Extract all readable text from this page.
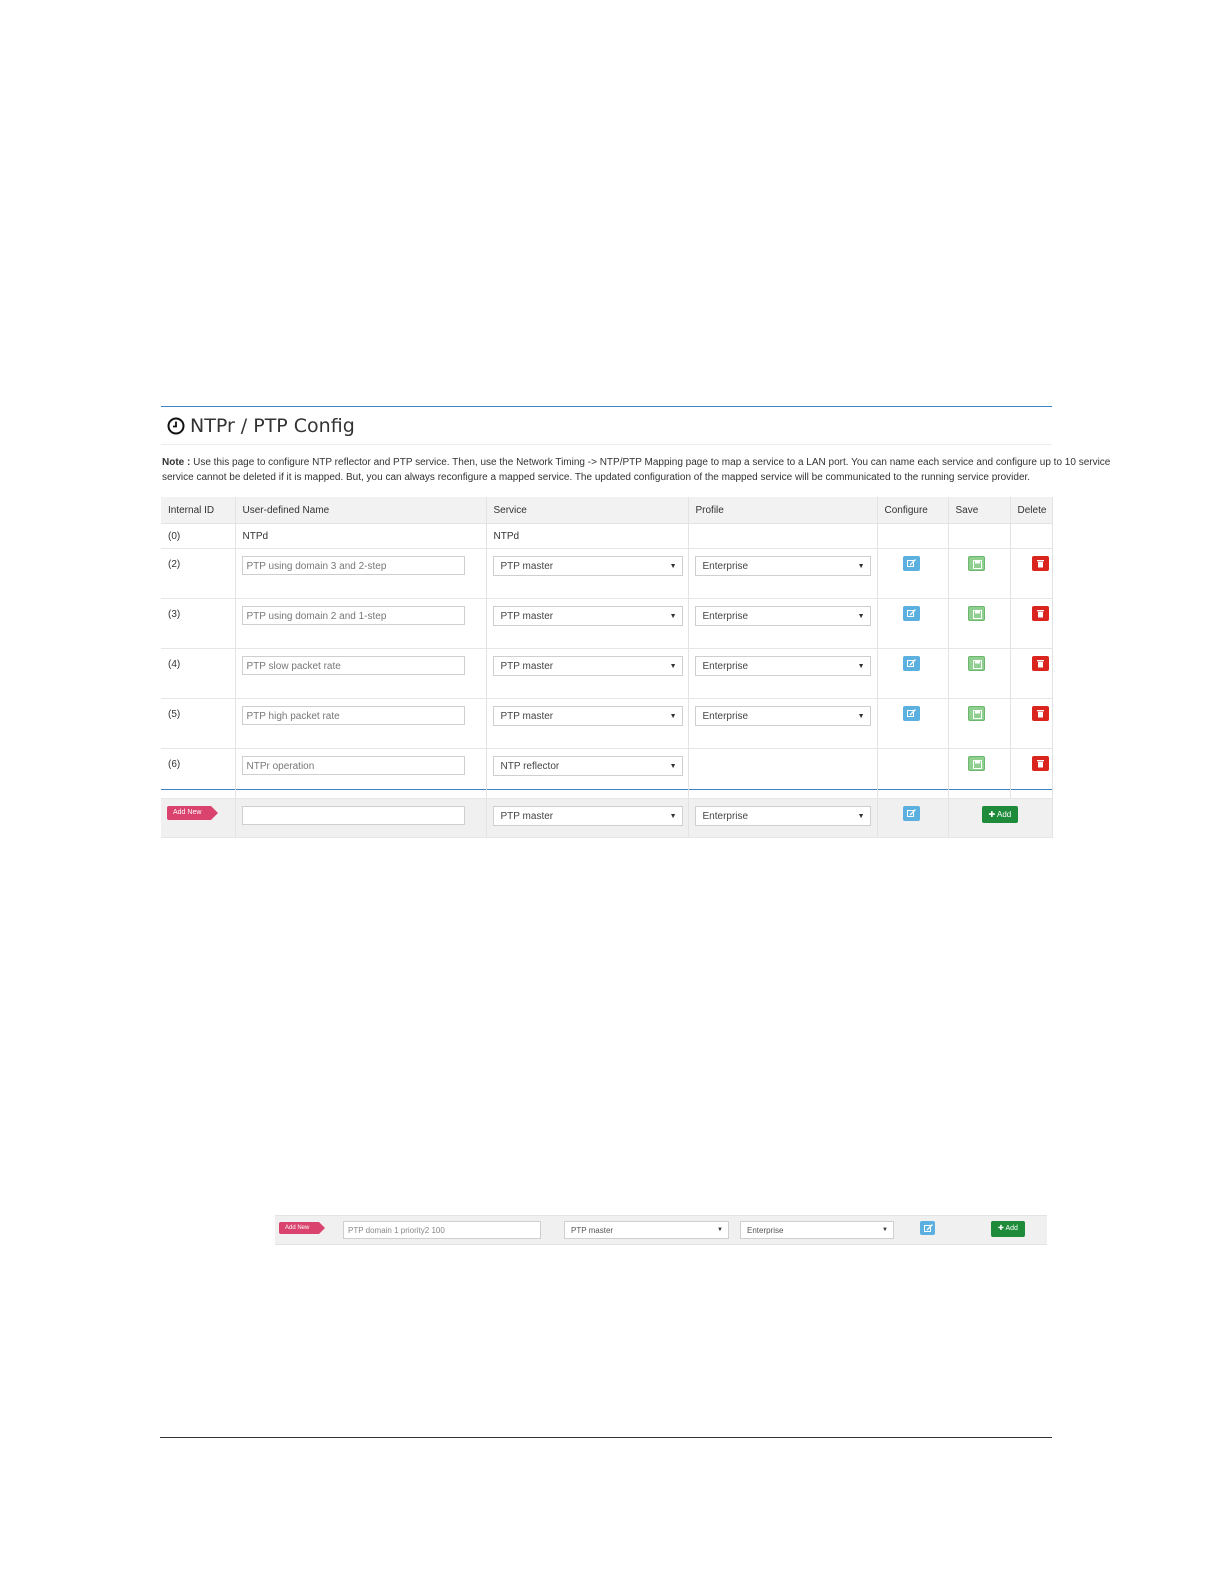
NTPr / PTP Config
Note : Use this page to configure NTP reflector and PTP service. Then, use the Network Timing -> NTP/PTP Mapping page to map a service to a LAN port. You can name each service and configure up to 10 service
service cannot be deleted if it is mapped. But, you can always reconfigure a mapped service. The updated configuration of the mapped service will be communicated to the running service provider.
Internal ID	User-defined Name	Service	Profile	Configure	Save	Delete
(0)	NTPd	NTPd				
(2)	PTP using domain 3 and 2-step	PTP master ▼	Enterprise ▼

(3)	PTP using domain 2 and 1-step	PTP master ▼	Enterprise ▼

(4)	PTP slow packet rate	PTP master ▼	Enterprise ▼

(5)	PTP high packet rate	PTP master ▼	Enterprise ▼

(6)	NTPr operation	NTP reflector ▼

Add New		PTP master ▼	Enterprise ▼		✚ Add	
Add New	PTP domain 1 priority2 100	PTP master	▼	Enterprise	▼	✚ Add
